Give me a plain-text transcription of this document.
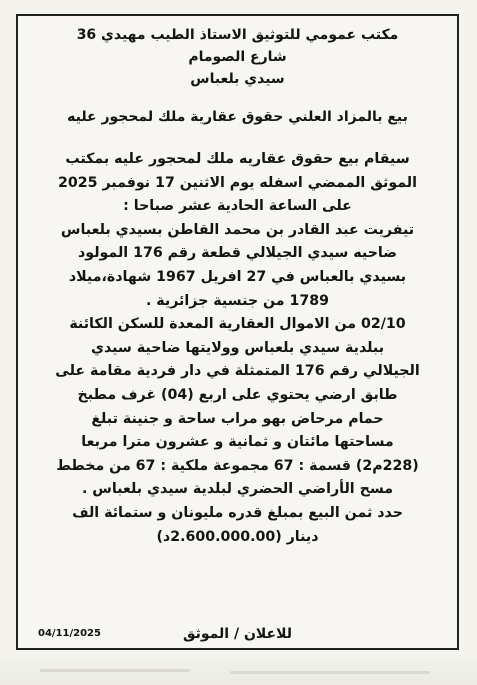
مكتب عمومي للتوثيق الاستاذ الطيب مهيدي 36
شارع الصومام
سيدي بلعباس
بيع بالمزاد العلني حقوق عقارية ملك لمحجور عليه
سيقام بيع حقوق عقاريه ملك لمحجور عليه بمكتب
الموثق الممضي اسفله يوم الاثنين 17 نوفمبر 2025
على الساعة الحادية عشر صباحا :
تيفريت عبد القادر بن محمد القاطن بسيدي بلعباس
ضاحيه سيدي الجيلالي قطعة رقم 176 المولود
بسيدي بالعباس في 27 افريل 1967 شهادة،ميلاد
1789 من جنسية جزائرية .
02/10 من الاموال العقارية المعدة للسكن الكائنة
ببلدية سيدي بلعباس وولايتها ضاحية سيدي
الجيلالي رقم 176 المتمثلة في دار فردية مقامة على
طابق ارضي يحتوي على اربع (04) غرف مطبخ
حمام مرحاض بهو مراب ساحة و جنينة تبلغ
مساحتها مائتان و ثمانية و عشرون مترا مربعا
(228م2) قسمة : 67 مجموعة ملكية : 67 من مخطط
مسح الأراضي الحضري لبلدية سيدي بلعباس .
حدد ثمن البيع بمبلغ قدره مليونان و ستمائة الف
دينار (2.600.000.00د)
04/11/2025	للاعلان / الموثق
